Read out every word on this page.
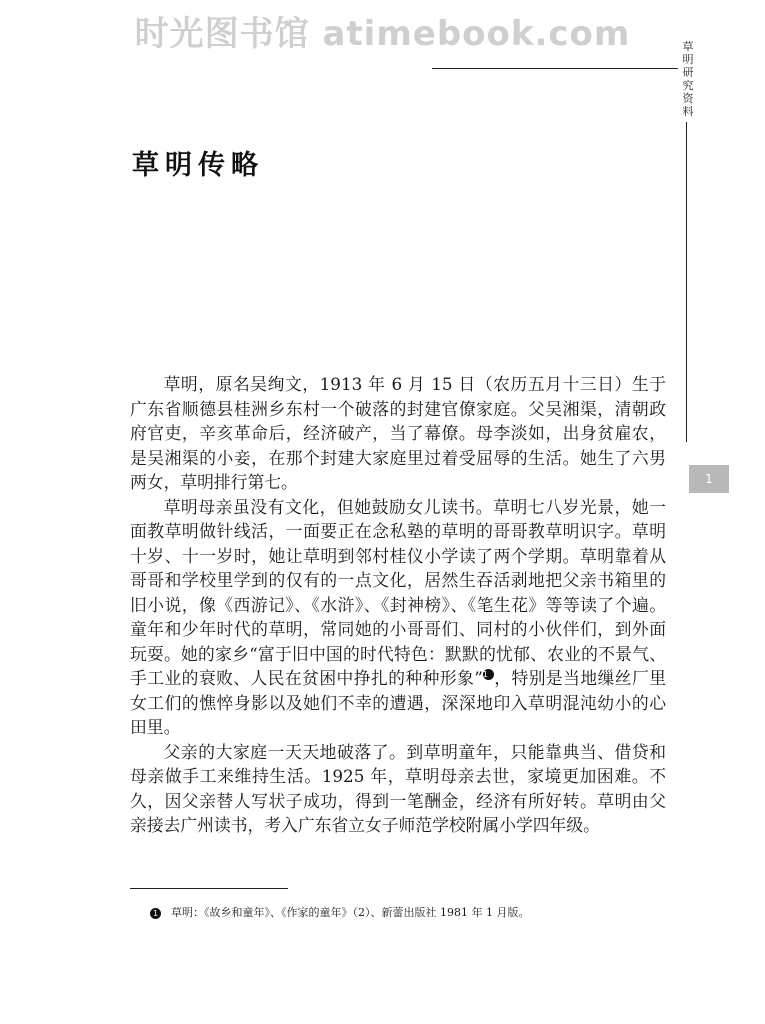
时光图书馆 atimebook.com	草
明
研
究
资
料
1
草明传略

草明，原名吴绚文，1913 年 6 月 15 日（农历五月十三日）生于广东省顺德县桂洲乡东村一个破落的封建官僚家庭。父吴湘渠，清朝政府官吏，辛亥革命后，经济破产，当了幕僚。母李淡如，出身贫雇农，是吴湘渠的小妾，在那个封建大家庭里过着受屈辱的生活。她生了六男两女，草明排行第七。

草明母亲虽没有文化，但她鼓励女儿读书。草明七八岁光景，她一面教草明做针线活，一面要正在念私塾的草明的哥哥教草明识字。草明十岁、十一岁时，她让草明到邻村桂仪小学读了两个学期。草明靠着从哥哥和学校里学到的仅有的一点文化，居然生吞活剥地把父亲书箱里的旧小说，像《西游记》、《水浒》、《封神榜》、《笔生花》等等读了个遍。童年和少年时代的草明，常同她的小哥哥们、同村的小伙伴们，到外面玩耍。她的家乡“富于旧中国的时代特色：默默的忧郁、农业的不景气、手工业的衰败、人民在贫困中挣扎的种种形象”1 ，特别是当地缫丝厂里女工们的憔悴身影以及她们不幸的遭遇，深深地印入草明混沌幼小的心田里。

父亲的大家庭一天天地破落了。到草明童年，只能靠典当、借贷和母亲做手工来维持生活。1925 年，草明母亲去世，家境更加困难。不久，因父亲替人写状子成功，得到一笔酬金，经济有所好转。草明由父亲接去广州读书，考入广东省立女子师范学校附属小学四年级。

1 草明：《故乡和童年》、《作家的童年》（2）、新蕾出版社 1981 年 1 月版。
